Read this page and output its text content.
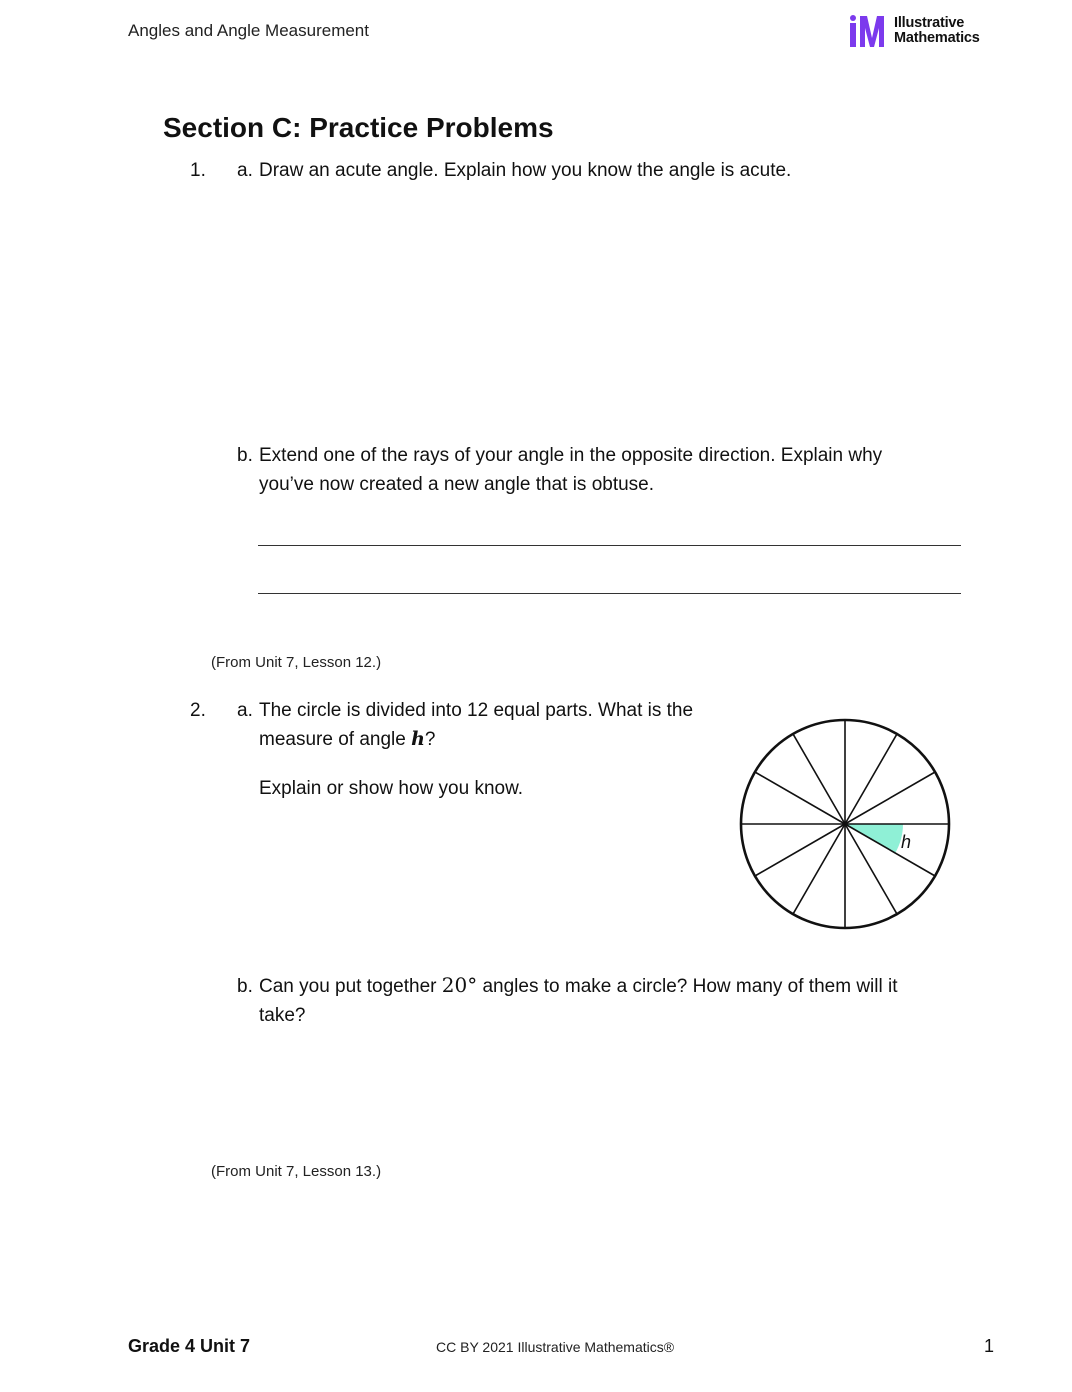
Angles and Angle Measurement	Illustrative
Mathematics
Section C: Practice Problems
1. a. Draw an acute angle. Explain how you know the angle is acute.
b. Extend one of the rays of your angle in the opposite direction. Explain why
you’ve now created a new angle that is obtuse.
(From Unit 7, Lesson 12.)
2. a. The circle is divided into 12 equal parts. What is the
measure of angle h?
Explain or show how you know.
h
b. Can you put together 20° angles to make a circle? How many of them will it
take?
(From Unit 7, Lesson 13.)
Grade 4 Unit 7	CC BY 2021 Illustrative Mathematics®	1
